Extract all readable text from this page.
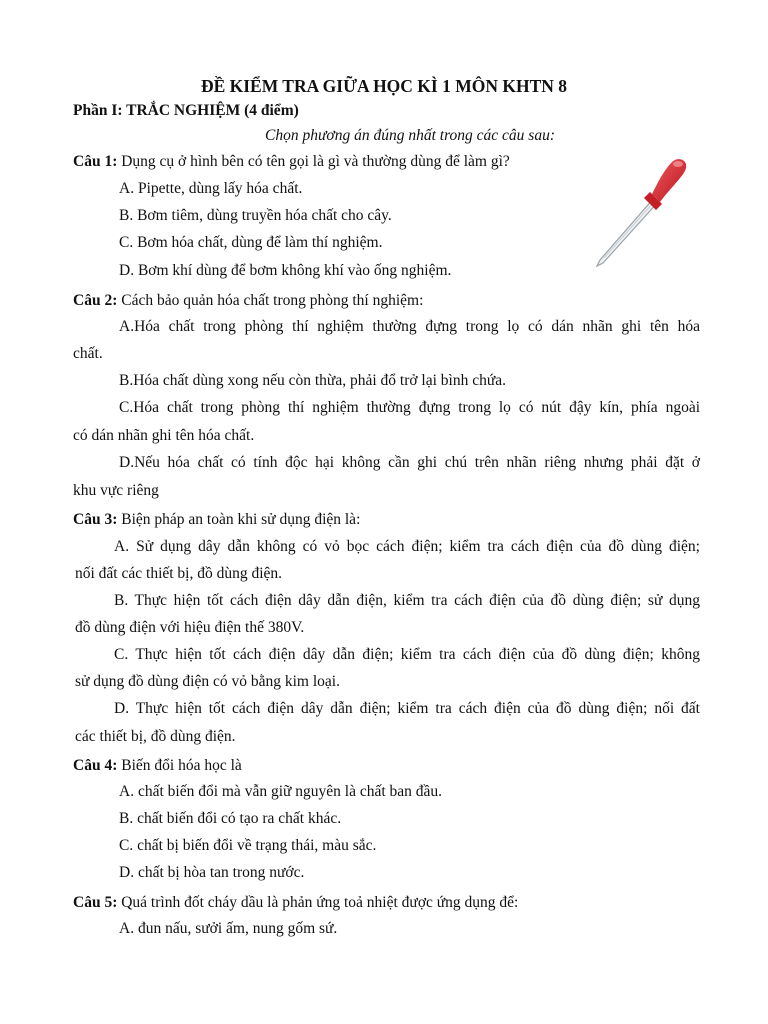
ĐỀ KIỂM TRA GIỮA HỌC KÌ 1 MÔN KHTN 8
Phần I: TRẮC NGHIỆM (4 điểm)
Chọn phương án đúng nhất trong các câu sau:
Câu 1: Dụng cụ ở hình bên có tên gọi là gì và thường dùng để làm gì?
A. Pipette, dùng lấy hóa chất.
B. Bơm tiêm, dùng truyền hóa chất cho cây.
C. Bơm hóa chất, dùng để làm thí nghiệm.
D. Bơm khí dùng để bơm không khí vào ống nghiệm.
Câu 2: Cách bảo quản hóa chất trong phòng thí nghiệm:
A.Hóa chất trong phòng thí nghiệm thường đựng trong lọ có dán nhãn ghi tên hóa
chất.
B.Hóa chất dùng xong nếu còn thừa, phải đổ trở lại bình chứa.
C.Hóa chất trong phòng thí nghiệm thường đựng trong lọ có nút đậy kín, phía ngoài
có dán nhãn ghi tên hóa chất.
D.Nếu hóa chất có tính độc hại không cần ghi chú trên nhãn riêng nhưng phải đặt ở
khu vực riêng
Câu 3: Biện pháp an toàn khi sử dụng điện là:
A. Sử dụng dây dẫn không có vỏ bọc cách điện; kiểm tra cách điện của đồ dùng điện;
nối đất các thiết bị, đồ dùng điện.
B. Thực hiện tốt cách điện dây dẫn điện, kiểm tra cách điện của đồ dùng điện; sử dụng
đồ dùng điện với hiệu điện thế 380V.
C. Thực hiện tốt cách điện dây dẫn điện; kiểm tra cách điện của đồ dùng điện; không
sử dụng đồ dùng điện có vỏ bằng kim loại.
D. Thực hiện tốt cách điện dây dẫn điện; kiểm tra cách điện của đồ dùng điện; nối đất
các thiết bị, đồ dùng điện.
Câu 4: Biến đổi hóa học là
A. chất biến đổi mà vẫn giữ nguyên là chất ban đầu.
B. chất biến đổi có tạo ra chất khác.
C. chất bị biến đổi về trạng thái, màu sắc.
D. chất bị hòa tan trong nước.
Câu 5: Quá trình đốt cháy dầu là phản ứng toả nhiệt được ứng dụng để:
A. đun nấu, sưởi ấm, nung gốm sứ.
